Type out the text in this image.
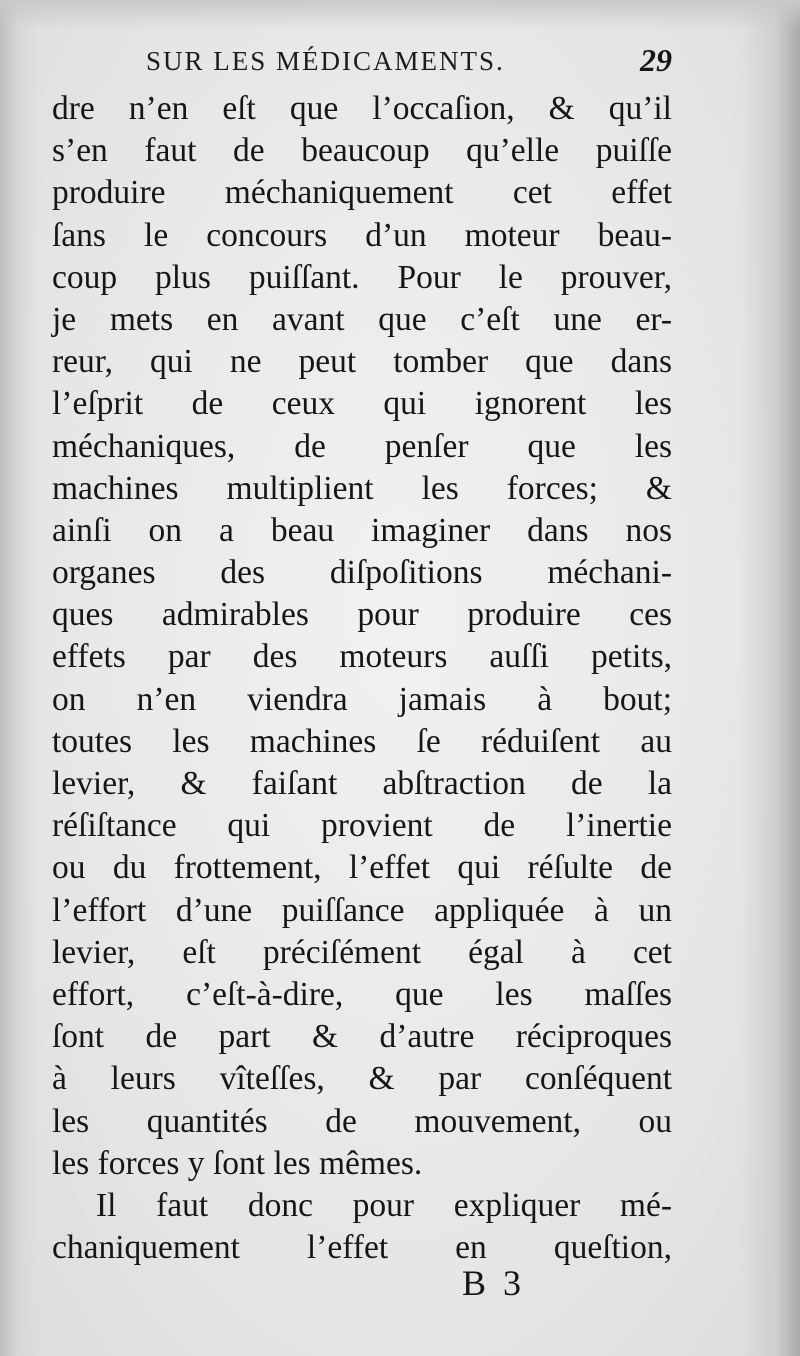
SUR LES MÉDICAMENTS.	29
dre n’en eſt que l’occaſion, & qu’il
s’en faut de beaucoup qu’elle puiſſe
produire méchaniquement cet effet
ſans le concours d’un moteur beau-
coup plus puiſſant. Pour le prouver,
je mets en avant que c’eſt une er-
reur, qui ne peut tomber que dans
l’eſprit de ceux qui ignorent les
méchaniques, de penſer que les
machines multiplient les forces; &
ainſi on a beau imaginer dans nos
organes des diſpoſitions méchani-
ques admirables pour produire ces
effets par des moteurs auſſi petits,
on n’en viendra jamais à bout;
toutes les machines ſe réduiſent au
levier, & faiſant abſtraction de la
réſiſtance qui provient de l’inertie
ou du frottement, l’effet qui réſulte de
l’effort d’une puiſſance appliquée à un
levier, eſt préciſément égal à cet
effort, c’eſt-à-dire, que les maſſes
ſont de part & d’autre réciproques
à leurs vîteſſes, & par conſéquent
les quantités de mouvement, ou
les forces y ſont les mêmes.
Il faut donc pour expliquer mé-
chaniquement l’effet en queſtion,
B 3
